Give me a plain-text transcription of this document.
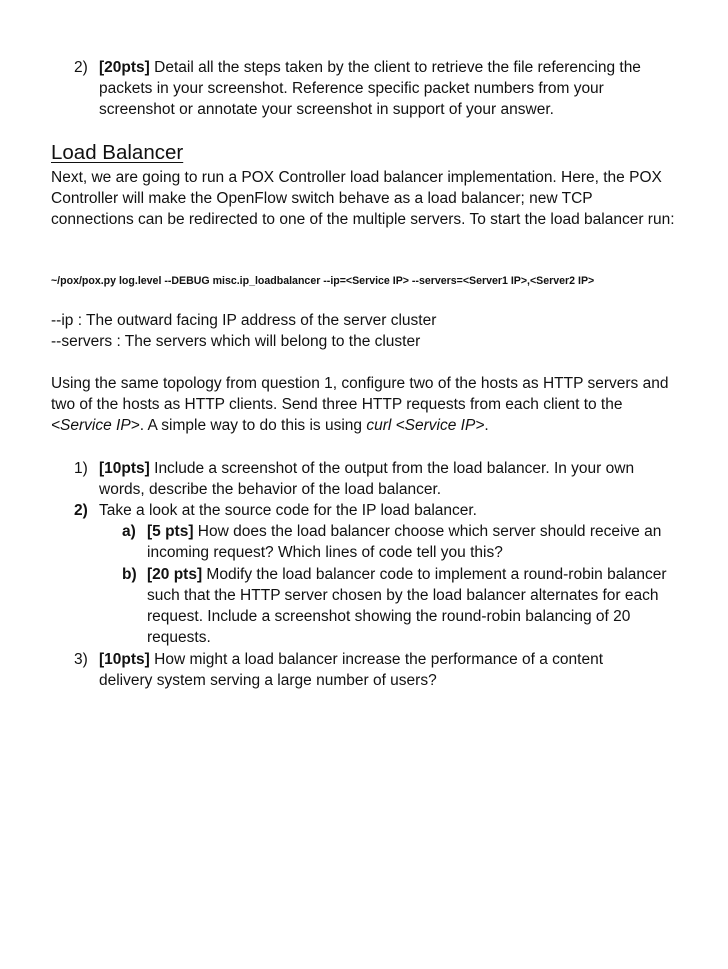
2) [20pts] Detail all the steps taken by the client to retrieve the file referencing the packets in your screenshot. Reference specific packet numbers from your screenshot or annotate your screenshot in support of your answer.
Load Balancer
Next, we are going to run a POX Controller load balancer implementation. Here, the POX Controller will make the OpenFlow switch behave as a load balancer; new TCP connections can be redirected to one of the multiple servers. To start the load balancer run:
~/pox/pox.py log.level --DEBUG misc.ip_loadbalancer --ip=<Service IP> --servers=<Server1 IP>,<Server2 IP>
--ip : The outward facing IP address of the server cluster
--servers : The servers which will belong to the cluster
Using the same topology from question 1, configure two of the hosts as HTTP servers and two of the hosts as HTTP clients. Send three HTTP requests from each client to the <Service IP>. A simple way to do this is using curl <Service IP>.
1) [10pts] Include a screenshot of the output from the load balancer. In your own words, describe the behavior of the load balancer.
2) Take a look at the source code for the IP load balancer.
a) [5 pts] How does the load balancer choose which server should receive an incoming request? Which lines of code tell you this?
b) [20 pts] Modify the load balancer code to implement a round-robin balancer such that the HTTP server chosen by the load balancer alternates for each request. Include a screenshot showing the round-robin balancing of 20 requests.
3) [10pts] How might a load balancer increase the performance of a content delivery system serving a large number of users?
